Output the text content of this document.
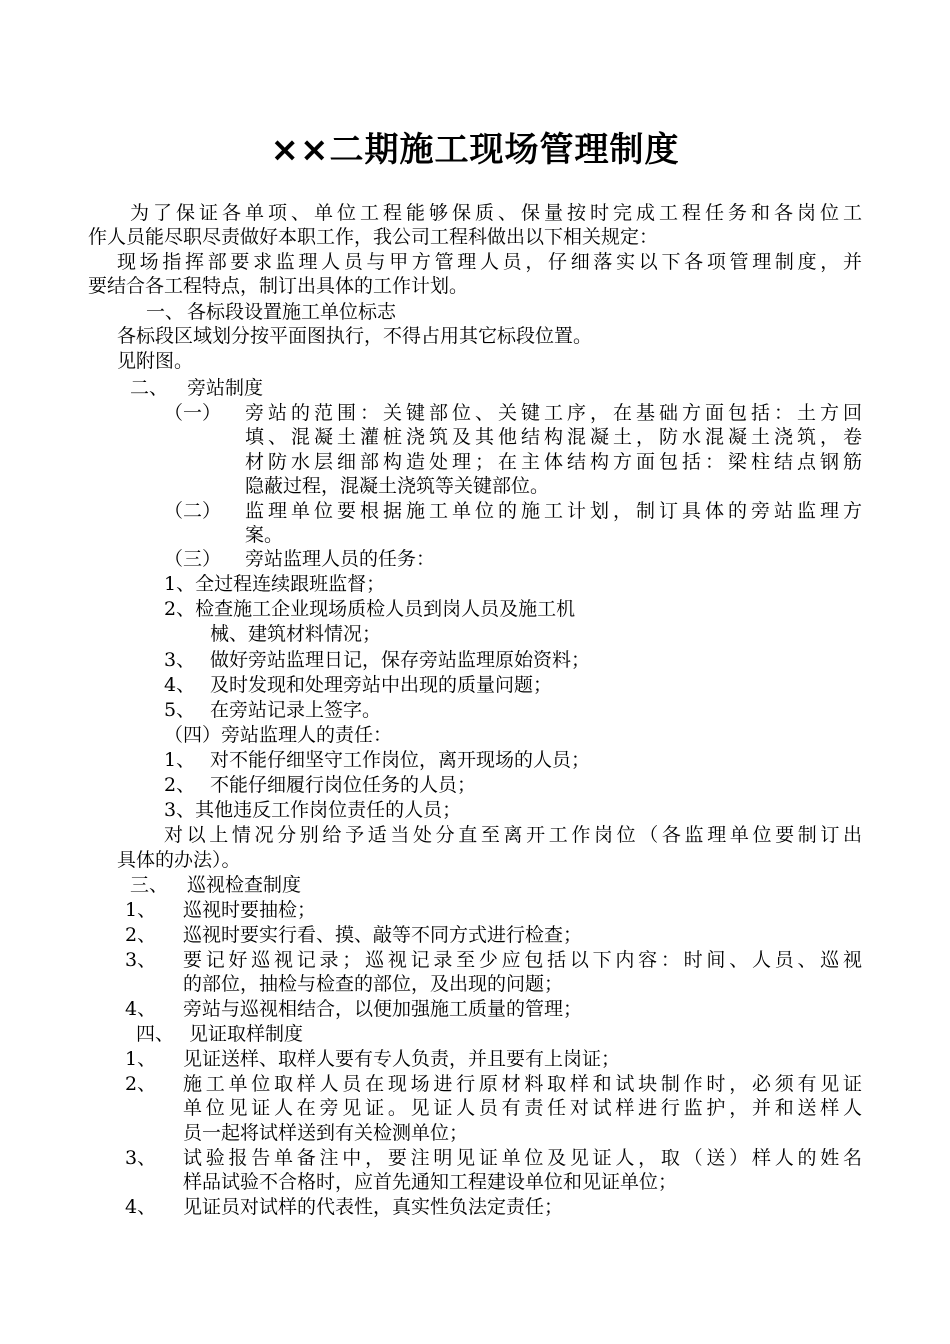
××二期施工现场管理制度
为了保证各单项、单位工程能够保质、保量按时完成工程任务和各岗位工
作人员能尽职尽责做好本职工作，我公司工程科做出以下相关规定：
现场指挥部要求监理人员与甲方管理人员，仔细落实以下各项管理制度，并
要结合各工程特点，制订出具体的工作计划。
一、 各标段设置施工单位标志
各标段区域划分按平面图执行，不得占用其它标段位置。
见附图。
二、 旁站制度
（一） 旁站的范围：关键部位、关键工序，在基础方面包括：土方回
填、混凝土灌桩浇筑及其他结构混凝土，防水混凝土浇筑，卷
材防水层细部构造处理；在主体结构方面包括：梁柱结点钢筋
隐蔽过程，混凝土浇筑等关键部位。
（二） 监理单位要根据施工单位的施工计划，制订具体的旁站监理方
案。
（三） 旁站监理人员的任务：
1、全过程连续跟班监督；
2、检查施工企业现场质检人员到岗人员及施工机
械、建筑材料情况；
3、 做好旁站监理日记，保存旁站监理原始资料；
4、 及时发现和处理旁站中出现的质量问题；
5、 在旁站记录上签字。
（四）旁站监理人的责任：
1、 对不能仔细坚守工作岗位，离开现场的人员；
2、 不能仔细履行岗位任务的人员；
3、其他违反工作岗位责任的人员；
对以上情况分别给予适当处分直至离开工作岗位（各监理单位要制订出
具体的办法）。
三、 巡视检查制度
1、 巡视时要抽检；
2、 巡视时要实行看、摸、敲等不同方式进行检查；
3、 要记好巡视记录；巡视记录至少应包括以下内容：时间、人员、巡视
的部位，抽检与检查的部位，及出现的问题；
4、 旁站与巡视相结合，以便加强施工质量的管理；
四、 见证取样制度
1、 见证送样、取样人要有专人负责，并且要有上岗证；
2、 施工单位取样人员在现场进行原材料取样和试块制作时，必须有见证
单位见证人在旁见证。见证人员有责任对试样进行监护，并和送样人
员一起将试样送到有关检测单位；
3、 试验报告单备注中，要注明见证单位及见证人，取（送）样人的姓名
样品试验不合格时，应首先通知工程建设单位和见证单位；
4、 见证员对试样的代表性，真实性负法定责任；
